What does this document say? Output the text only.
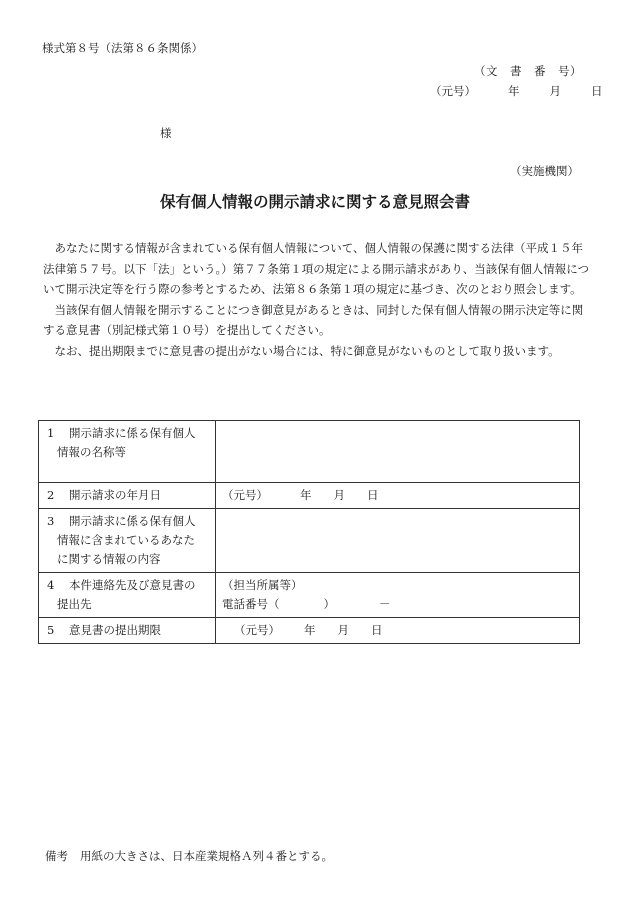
様式第８号（法第８６条関係）
（文　書　番　号）
（元号）	年	月	日
様
（実施機関）
保有個人情報の開示請求に関する意見照会書

あなたに関する情報が含まれている保有個人情報について、個人情報の保護に関する法律（平成１５年法律第５７号。以下「法」という。）第７７条第１項の規定による開示請求があり、当該保有個人情報について開示決定等を行う際の参考とするため、法第８６条第１項の規定に基づき、次のとおり照会します。

当該保有個人情報を開示することにつき御意見があるときは、同封した保有個人情報の開示決定等に関する意見書（別記様式第１０号）を提出してください。

なお、提出期限までに意見書の提出がない場合には、特に御意見がないものとして取り扱います。

1 開示請求に係る保有個人
情報の名称等	
2 開示請求の年月日	（元号） 年 月 日
3 開示請求に係る保有個人
情報に含まれているあなた
に関する情報の内容	
4 本件連絡先及び意見書の
提出先	（担当所属等）
電話番号（ ） －
5 意見書の提出期限	（元号） 年 月 日
備考 用紙の大きさは、日本産業規格Ａ列４番とする。
